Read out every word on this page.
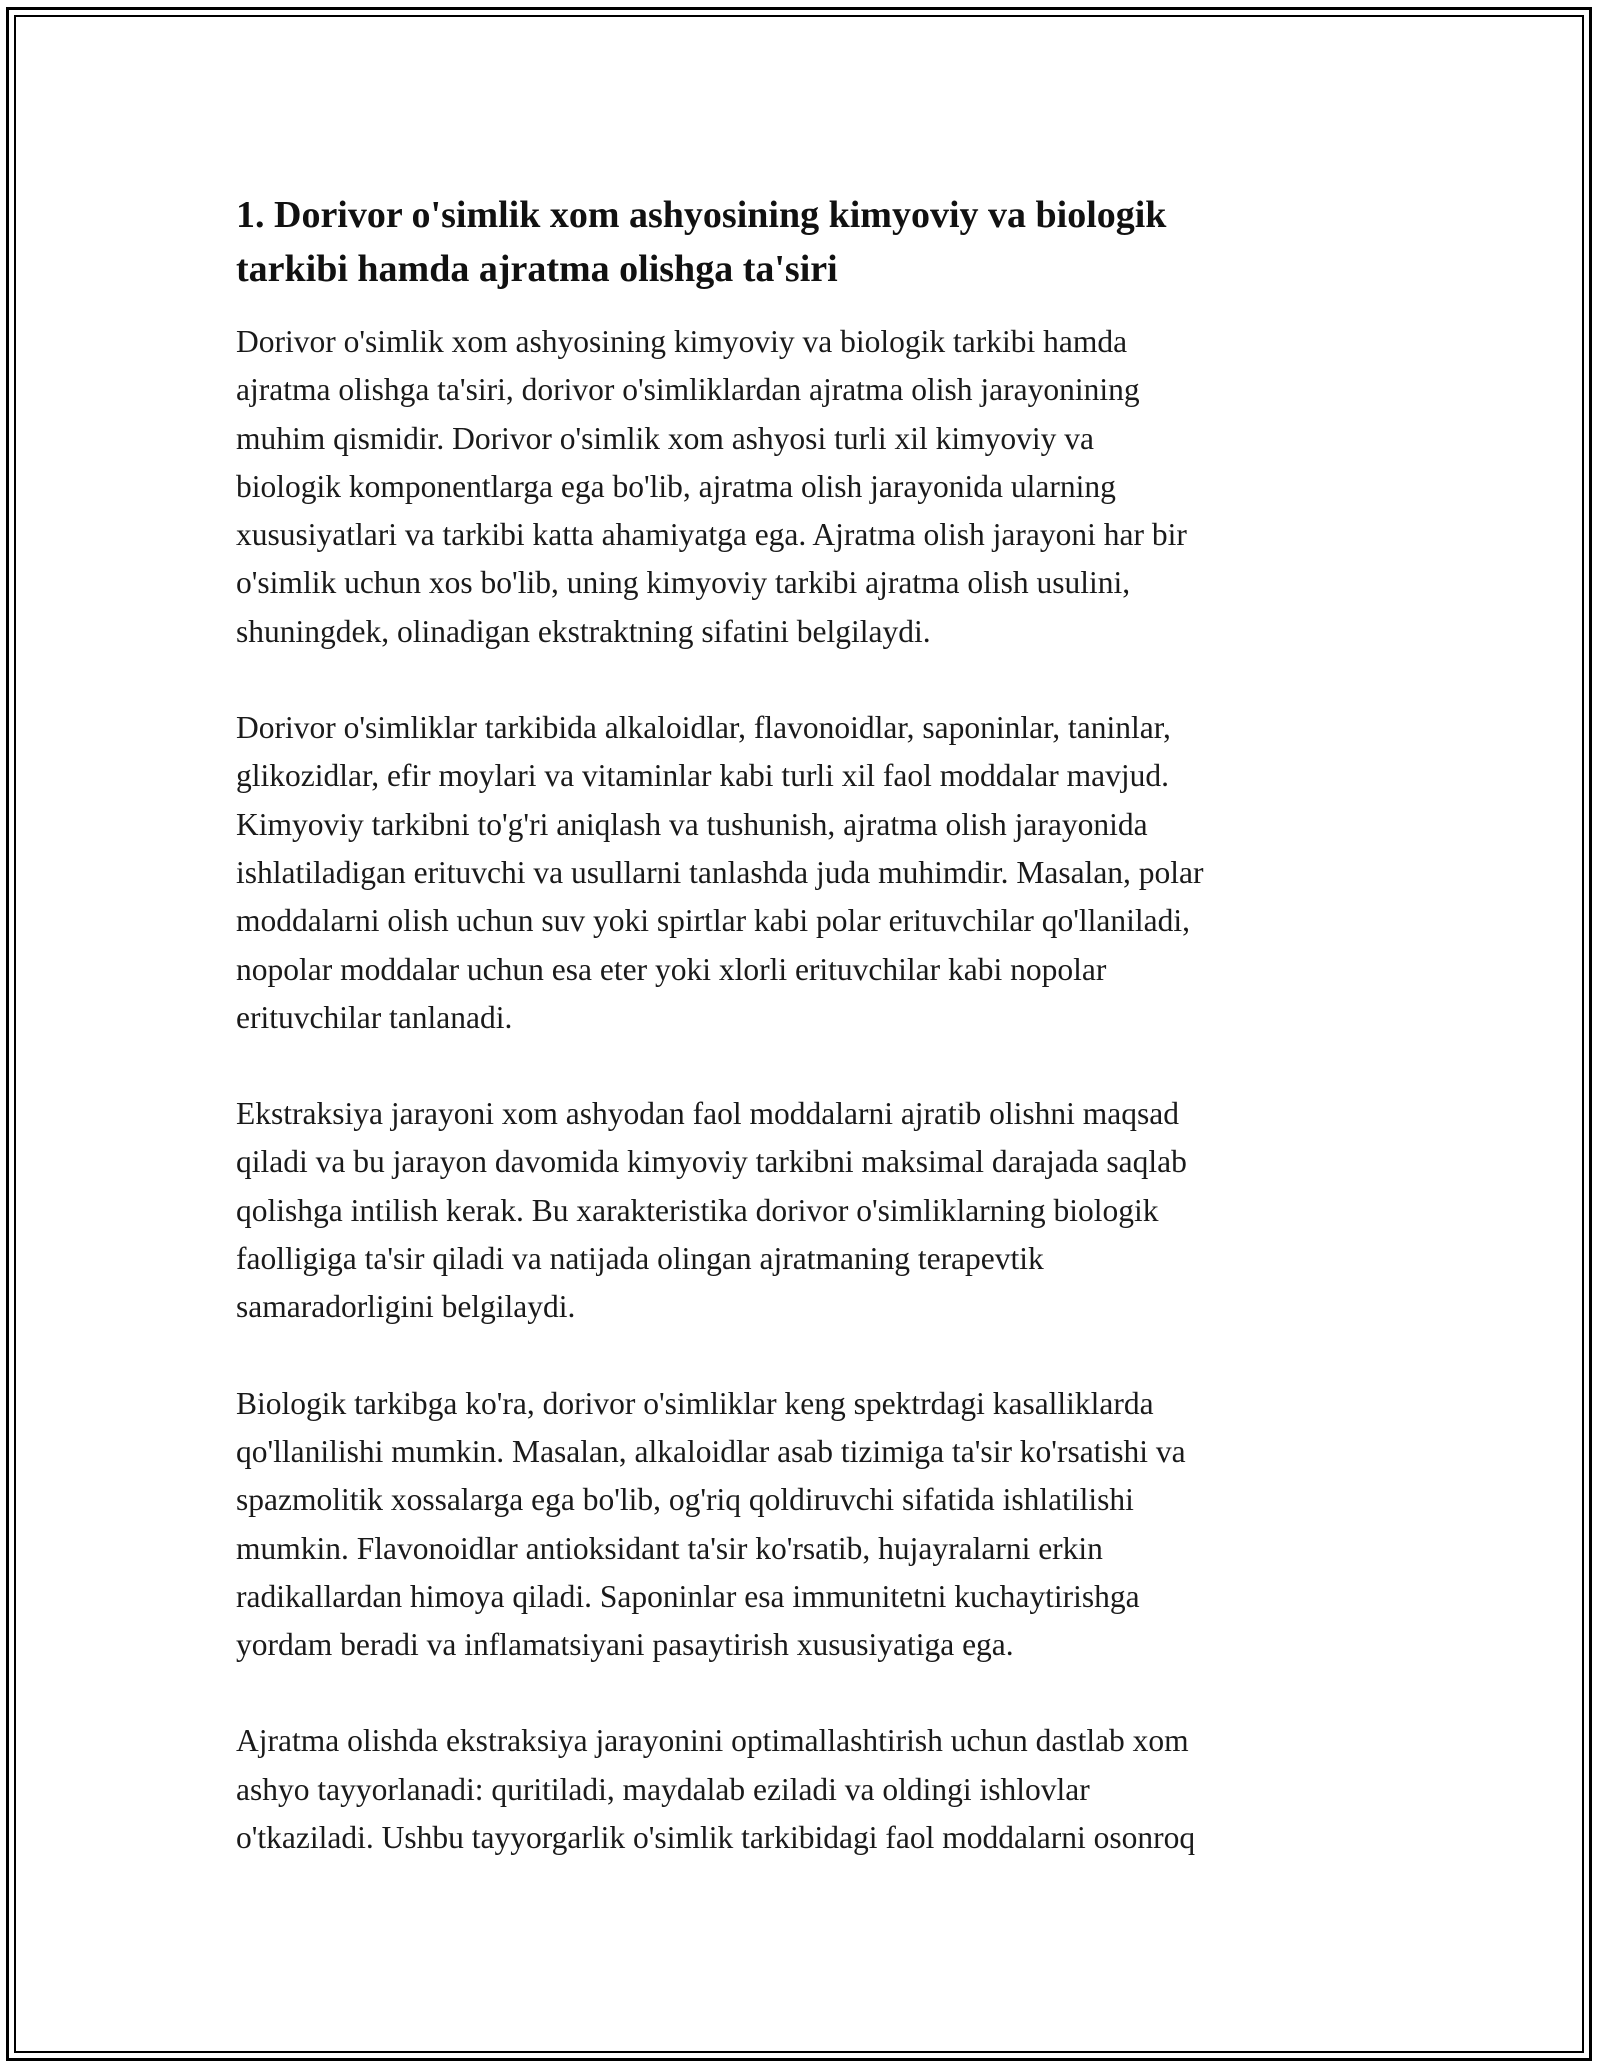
1. Dorivor o'simlik xom ashyosining kimyoviy va biologik
tarkibi hamda ajratma olishga ta'siri

Dorivor o'simlik xom ashyosining kimyoviy va biologik tarkibi hamda
ajratma olishga ta'siri, dorivor o'simliklardan ajratma olish jarayonining
muhim qismidir. Dorivor o'simlik xom ashyosi turli xil kimyoviy va
biologik komponentlarga ega bo'lib, ajratma olish jarayonida ularning
xususiyatlari va tarkibi katta ahamiyatga ega. Ajratma olish jarayoni har bir
o'simlik uchun xos bo'lib, uning kimyoviy tarkibi ajratma olish usulini,
shuningdek, olinadigan ekstraktning sifatini belgilaydi.

Dorivor o'simliklar tarkibida alkaloidlar, flavonoidlar, saponinlar, taninlar,
glikozidlar, efir moylari va vitaminlar kabi turli xil faol moddalar mavjud.
Kimyoviy tarkibni to'g'ri aniqlash va tushunish, ajratma olish jarayonida
ishlatiladigan erituvchi va usullarni tanlashda juda muhimdir. Masalan, polar
moddalarni olish uchun suv yoki spirtlar kabi polar erituvchilar qo'llaniladi,
nopolar moddalar uchun esa eter yoki xlorli erituvchilar kabi nopolar
erituvchilar tanlanadi.

Ekstraksiya jarayoni xom ashyodan faol moddalarni ajratib olishni maqsad
qiladi va bu jarayon davomida kimyoviy tarkibni maksimal darajada saqlab
qolishga intilish kerak. Bu xarakteristika dorivor o'simliklarning biologik
faolligiga ta'sir qiladi va natijada olingan ajratmaning terapevtik
samaradorligini belgilaydi.

Biologik tarkibga ko'ra, dorivor o'simliklar keng spektrdagi kasalliklarda
qo'llanilishi mumkin. Masalan, alkaloidlar asab tizimiga ta'sir ko'rsatishi va
spazmolitik xossalarga ega bo'lib, og'riq qoldiruvchi sifatida ishlatilishi
mumkin. Flavonoidlar antioksidant ta'sir ko'rsatib, hujayralarni erkin
radikallardan himoya qiladi. Saponinlar esa immunitetni kuchaytirishga
yordam beradi va inflamatsiyani pasaytirish xususiyatiga ega.

Ajratma olishda ekstraksiya jarayonini optimallashtirish uchun dastlab xom
ashyo tayyorlanadi: quritiladi, maydalab eziladi va oldingi ishlovlar
o'tkaziladi. Ushbu tayyorgarlik o'simlik tarkibidagi faol moddalarni osonroq
